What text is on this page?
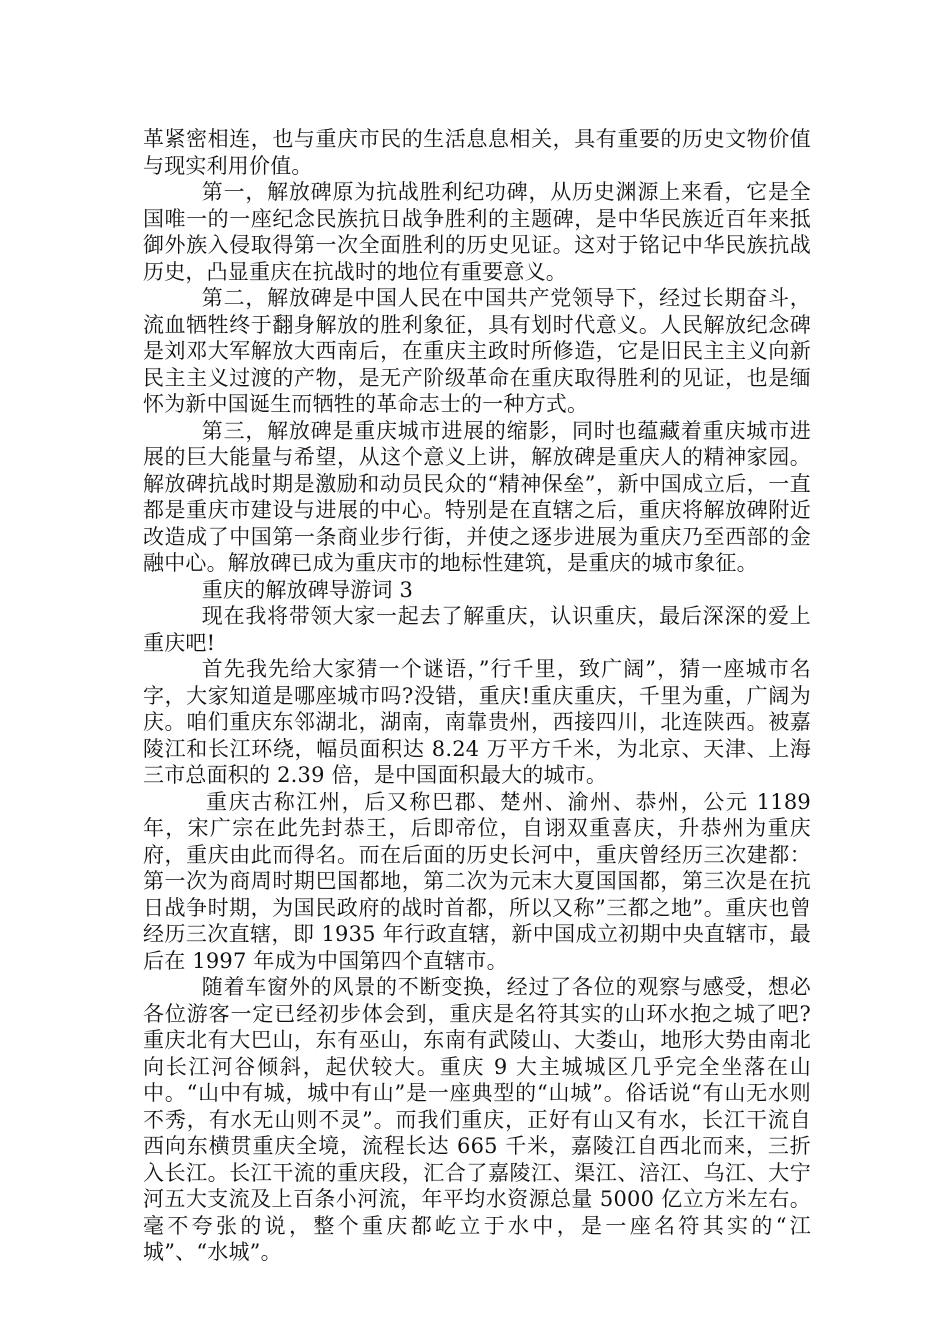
革紧密相连，也与重庆市民的生活息息相关，具有重要的历史文物价值与现实利用价值。

第一，解放碑原为抗战胜利纪功碑，从历史渊源上来看，它是全国唯一的一座纪念民族抗日战争胜利的主题碑，是中华民族近百年来抵御外族入侵取得第一次全面胜利的历史见证。这对于铭记中华民族抗战历史，凸显重庆在抗战时的地位有重要意义。

第二，解放碑是中国人民在中国共产党领导下，经过长期奋斗，流血牺牲终于翻身解放的胜利象征，具有划时代意义。人民解放纪念碑是刘邓大军解放大西南后，在重庆主政时所修造，它是旧民主主义向新民主主义过渡的产物，是无产阶级革命在重庆取得胜利的见证，也是缅怀为新中国诞生而牺牲的革命志士的一种方式。

第三，解放碑是重庆城市进展的缩影，同时也蕴藏着重庆城市进展的巨大能量与希望，从这个意义上讲，解放碑是重庆人的精神家园。解放碑抗战时期是激励和动员民众的“精神保垒”，新中国成立后，一直都是重庆市建设与进展的中心。特别是在直辖之后，重庆将解放碑附近改造成了中国第一条商业步行街，并使之逐步进展为重庆乃至西部的金融中心。解放碑已成为重庆市的地标性建筑，是重庆的城市象征。

重庆的解放碑导游词 3

现在我将带领大家一起去了解重庆，认识重庆，最后深深的爱上重庆吧!

首先我先给大家猜一个谜语，”行千里，致广阔”，猜一座城市名字，大家知道是哪座城市吗?没错，重庆!重庆重庆，千里为重，广阔为庆。咱们重庆东邻湖北，湖南，南靠贵州，西接四川，北连陕西。被嘉陵江和长江环绕，幅员面积达 8.24 万平方千米，为北京、天津、上海三市总面积的 2.39 倍，是中国面积最大的城市。

重庆古称江州，后又称巴郡、楚州、渝州、恭州，公元 1189 年，宋广宗在此先封恭王，后即帝位，自诩双重喜庆，升恭州为重庆府，重庆由此而得名。而在后面的历史长河中，重庆曾经历三次建都：第一次为商周时期巴国都地，第二次为元末大夏国国都，第三次是在抗日战争时期，为国民政府的战时首都，所以又称”三都之地”。重庆也曾经历三次直辖，即 1935 年行政直辖，新中国成立初期中央直辖市，最后在 1997 年成为中国第四个直辖市。

随着车窗外的风景的不断变换，经过了各位的观察与感受，想必各位游客一定已经初步体会到，重庆是名符其实的山环水抱之城了吧?重庆北有大巴山，东有巫山，东南有武陵山、大娄山，地形大势由南北向长江河谷倾斜，起伏较大。重庆 9 大主城城区几乎完全坐落在山中。“山中有城，城中有山”是一座典型的“山城”。俗话说“有山无水则不秀，有水无山则不灵”。而我们重庆，正好有山又有水，长江干流自西向东横贯重庆全境，流程长达 665 千米，嘉陵江自西北而来，三折入长江。长江干流的重庆段，汇合了嘉陵江、渠江、涪江、乌江、大宁河五大支流及上百条小河流，年平均水资源总量 5000 亿立方米左右。毫不夸张的说，整个重庆都屹立于水中，是一座名符其实的“江城”、“水城”。
